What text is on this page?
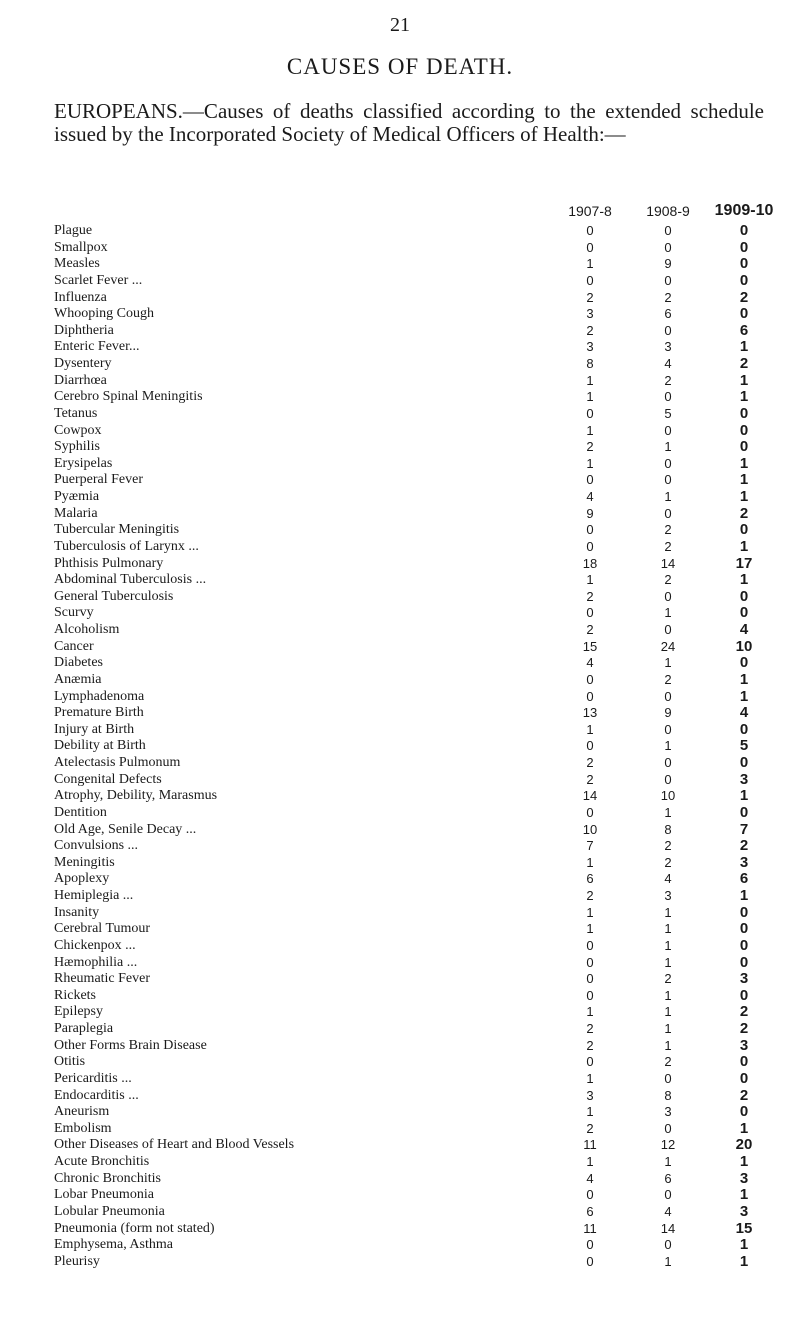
21
CAUSES OF DEATH.
EUROPEANS.—Causes of deaths classified according to the extended schedule issued by the Incorporated Society of Medical Officers of Health:—
1907-8	1908-9	1909-10
Plague	0	0	0
Smallpox	0	0	0
Measles	1	9	0
Scarlet Fever ...	0	0	0
Influenza	2	2	2
Whooping Cough	3	6	0
Diphtheria	2	0	6
Enteric Fever...	3	3	1
Dysentery	8	4	2
Diarrhœa	1	2	1
Cerebro Spinal Meningitis	1	0	1
Tetanus	0	5	0
Cowpox	1	0	0
Syphilis	2	1	0
Erysipelas	1	0	1
Puerperal Fever	0	0	1
Pyæmia	4	1	1
Malaria	9	0	2
Tubercular Meningitis	0	2	0
Tuberculosis of Larynx ...	0	2	1
Phthisis Pulmonary	18	14	17
Abdominal Tuberculosis ...	1	2	1
General Tuberculosis	2	0	0
Scurvy	0	1	0
Alcoholism	2	0	4
Cancer	15	24	10
Diabetes	4	1	0
Anæmia	0	2	1
Lymphadenoma	0	0	1
Premature Birth	13	9	4
Injury at Birth	1	0	0
Debility at Birth	0	1	5
Atelectasis Pulmonum	2	0	0
Congenital Defects	2	0	3
Atrophy, Debility, Marasmus	14	10	1
Dentition	0	1	0
Old Age, Senile Decay ...	10	8	7
Convulsions ...	7	2	2
Meningitis	1	2	3
Apoplexy	6	4	6
Hemiplegia ...	2	3	1
Insanity	1	1	0
Cerebral Tumour	1	1	0
Chickenpox ...	0	1	0
Hæmophilia ...	0	1	0
Rheumatic Fever	0	2	3
Rickets	0	1	0
Epilepsy	1	1	2
Paraplegia	2	1	2
Other Forms Brain Disease	2	1	3
Otitis	0	2	0
Pericarditis ...	1	0	0
Endocarditis ...	3	8	2
Aneurism	1	3	0
Embolism	2	0	1
Other Diseases of Heart and Blood Vessels	11	12	20
Acute Bronchitis	1	1	1
Chronic Bronchitis	4	6	3
Lobar Pneumonia	0	0	1
Lobular Pneumonia	6	4	3
Pneumonia (form not stated)	11	14	15
Emphysema, Asthma	0	0	1
Pleurisy	0	1	1
